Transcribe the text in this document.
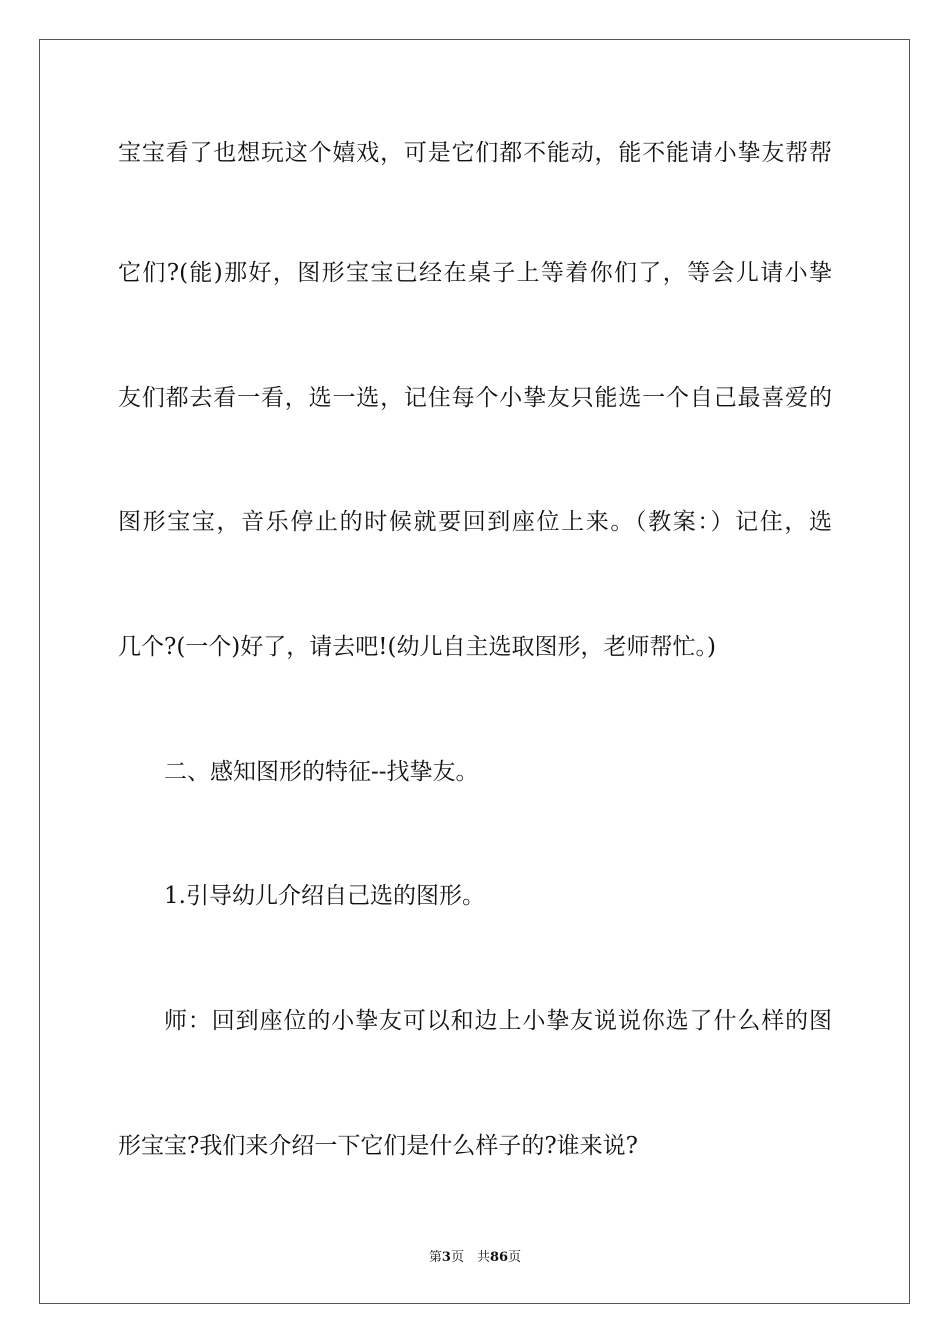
宝宝看了也想玩这个嬉戏，可是它们都不能动，能不能请小挚友帮帮
它们?(能)那好，图形宝宝已经在桌子上等着你们了，等会儿请小挚
友们都去看一看，选一选，记住每个小挚友只能选一个自己最喜爱的
图形宝宝，音乐停止的时候就要回到座位上来。（教案：）记住，选
几个?(一个)好了，请去吧!(幼儿自主选取图形，老师帮忙。)
二、感知图形的特征--找挚友。
1.引导幼儿介绍自己选的图形。
师：回到座位的小挚友可以和边上小挚友说说你选了什么样的图
形宝宝?我们来介绍一下它们是什么样子的?谁来说?
第3页　共86页
